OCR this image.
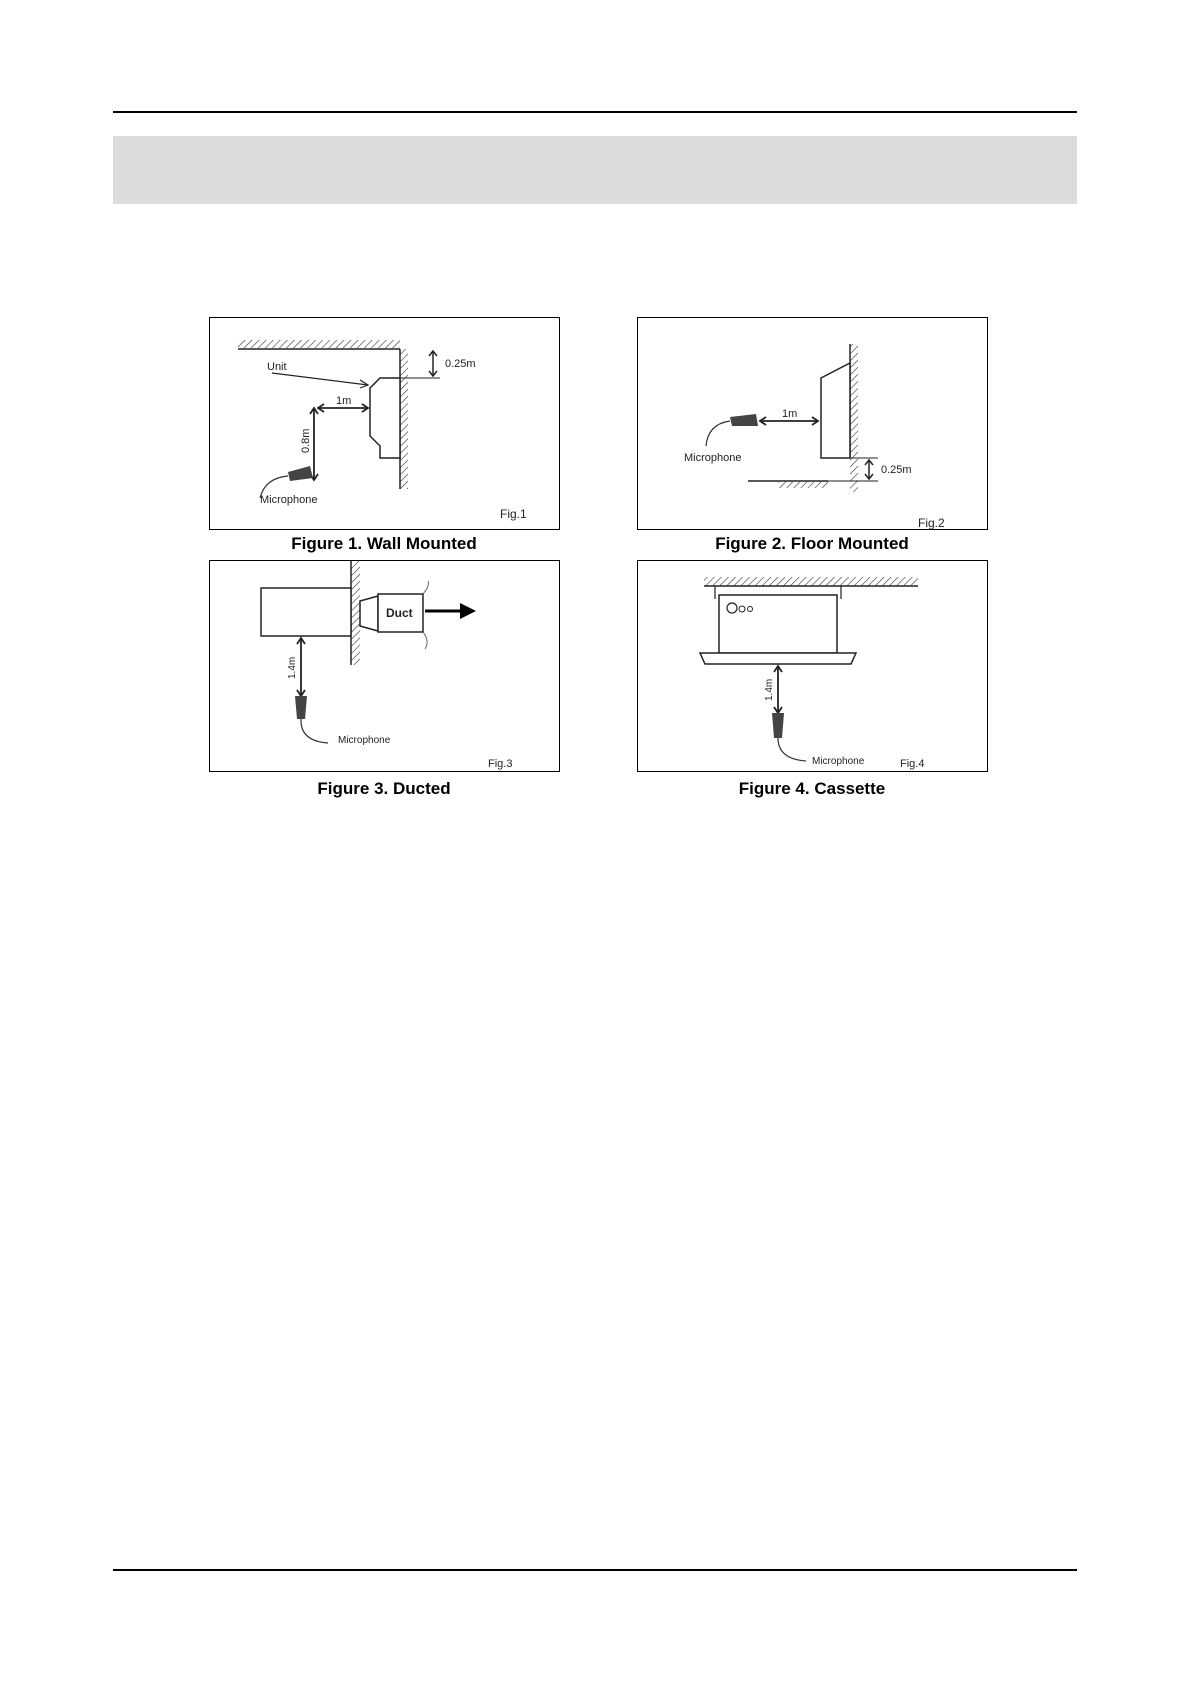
0.25m
Unit
1m
0.8m
Microphone
Fig.1
Figure 1. Wall Mounted
0.25m
1m
Microphone
Fig.2
Figure 2. Floor Mounted
Duct
1.4m
Microphone
Fig.3
Figure 3. Ducted
1.4m
Microphone	Fig.4
Figure 4. Cassette
